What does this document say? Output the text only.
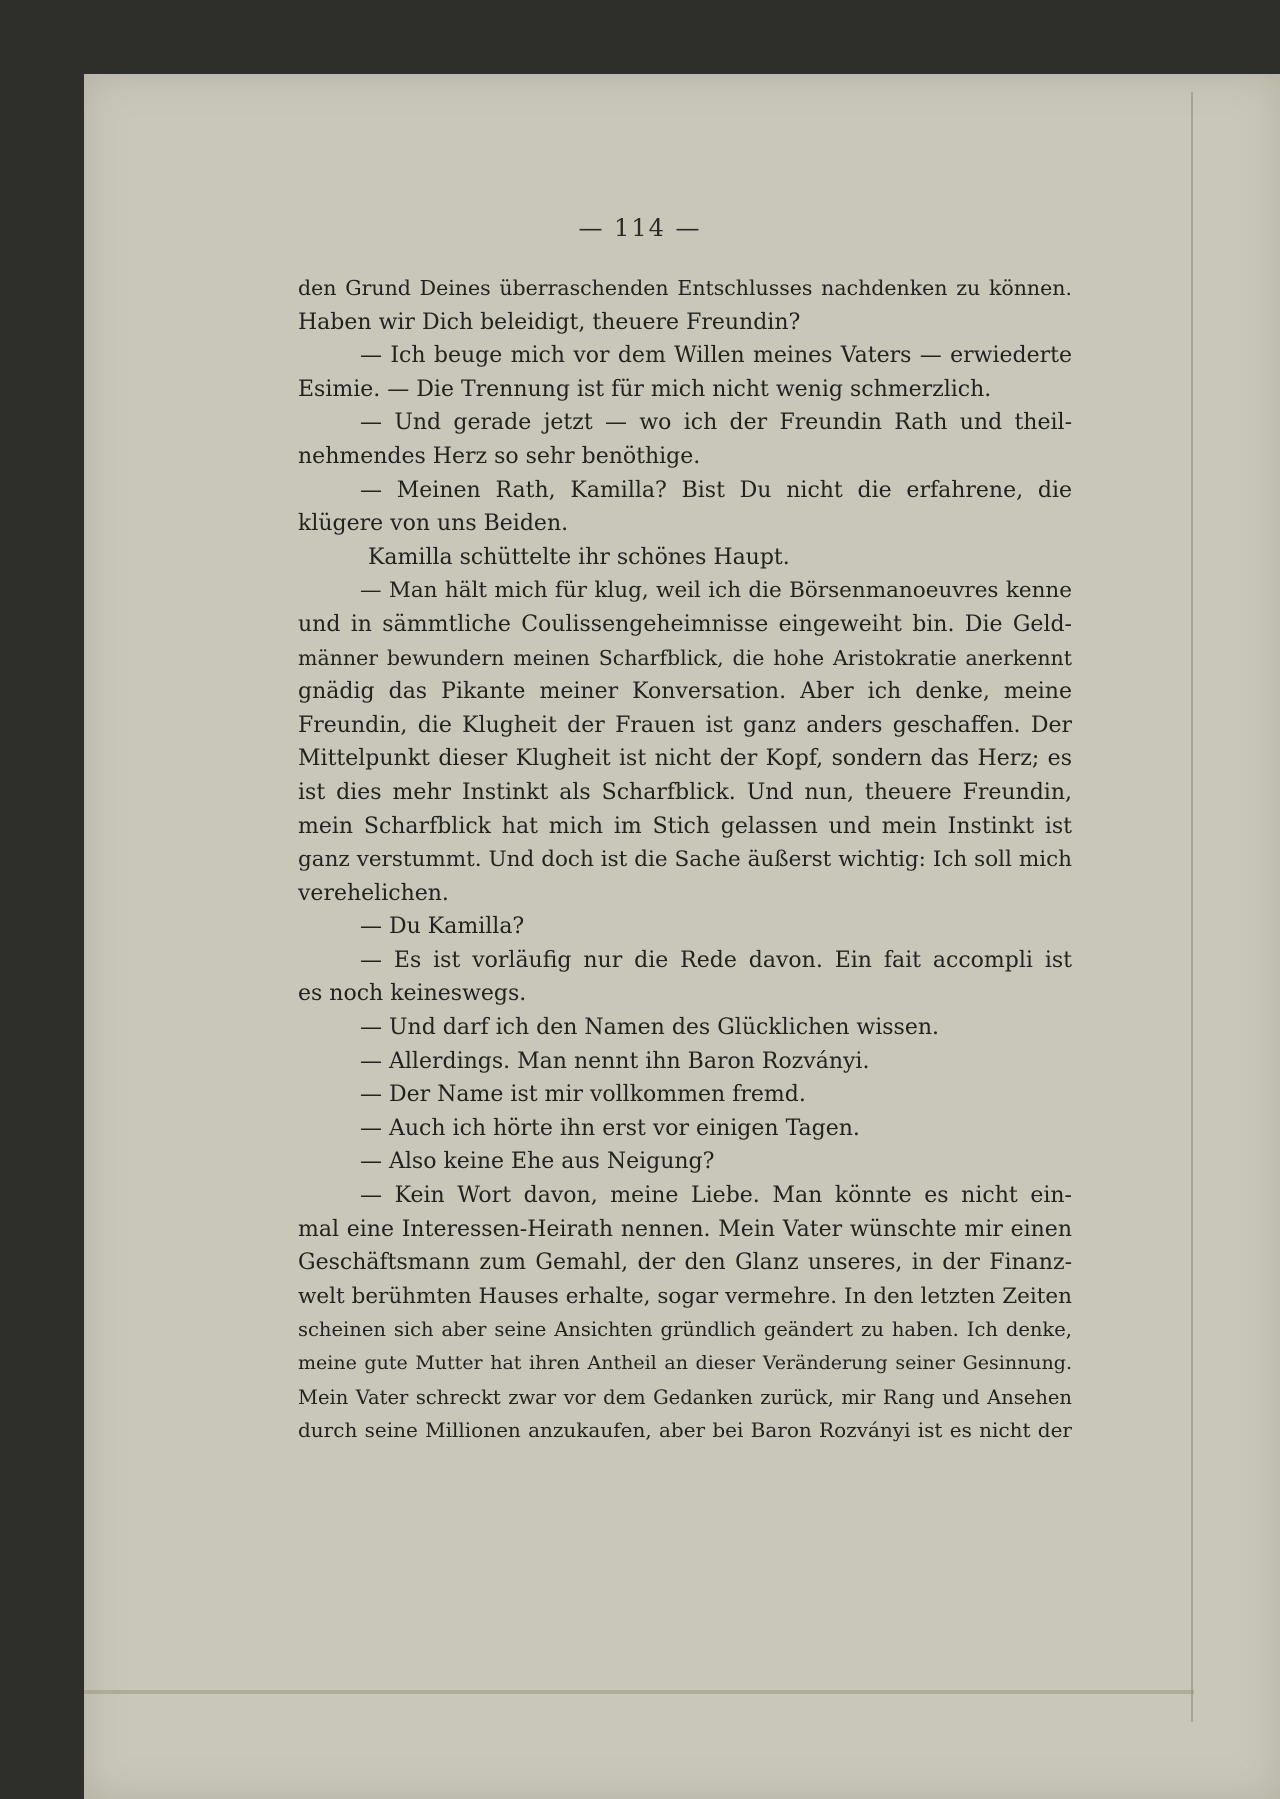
— 114 —
den Grund Deines überraschenden Entschlusses nachdenken zu können.
Haben wir Dich beleidigt, theuere Freundin?
— Ich beuge mich vor dem Willen meines Vaters — erwiederte
Esimie. — Die Trennung ist für mich nicht wenig schmerzlich.
— Und gerade jetzt — wo ich der Freundin Rath und theil-
nehmendes Herz so sehr benöthige.
— Meinen Rath, Kamilla? Bist Du nicht die erfahrene, die
klügere von uns Beiden.
Kamilla schüttelte ihr schönes Haupt.
— Man hält mich für klug, weil ich die Börsenmanoeuvres kenne
und in sämmtliche Coulissengeheimnisse eingeweiht bin. Die Geld-
männer bewundern meinen Scharfblick, die hohe Aristokratie anerkennt
gnädig das Pikante meiner Konversation. Aber ich denke, meine
Freundin, die Klugheit der Frauen ist ganz anders geschaffen. Der
Mittelpunkt dieser Klugheit ist nicht der Kopf, sondern das Herz; es
ist dies mehr Instinkt als Scharfblick. Und nun, theuere Freundin,
mein Scharfblick hat mich im Stich gelassen und mein Instinkt ist
ganz verstummt. Und doch ist die Sache äußerst wichtig: Ich soll mich
verehelichen.
— Du Kamilla?
— Es ist vorläufig nur die Rede davon. Ein fait accompli ist
es noch keineswegs.
— Und darf ich den Namen des Glücklichen wissen.
— Allerdings. Man nennt ihn Baron Rozványi.
— Der Name ist mir vollkommen fremd.
— Auch ich hörte ihn erst vor einigen Tagen.
— Also keine Ehe aus Neigung?
— Kein Wort davon, meine Liebe. Man könnte es nicht ein-
mal eine Interessen-Heirath nennen. Mein Vater wünschte mir einen
Geschäftsmann zum Gemahl, der den Glanz unseres, in der Finanz-
welt berühmten Hauses erhalte, sogar vermehre. In den letzten Zeiten
scheinen sich aber seine Ansichten gründlich geändert zu haben. Ich denke,
meine gute Mutter hat ihren Antheil an dieser Veränderung seiner Gesinnung.
Mein Vater schreckt zwar vor dem Gedanken zurück, mir Rang und Ansehen
durch seine Millionen anzukaufen, aber bei Baron Rozványi ist es nicht der
